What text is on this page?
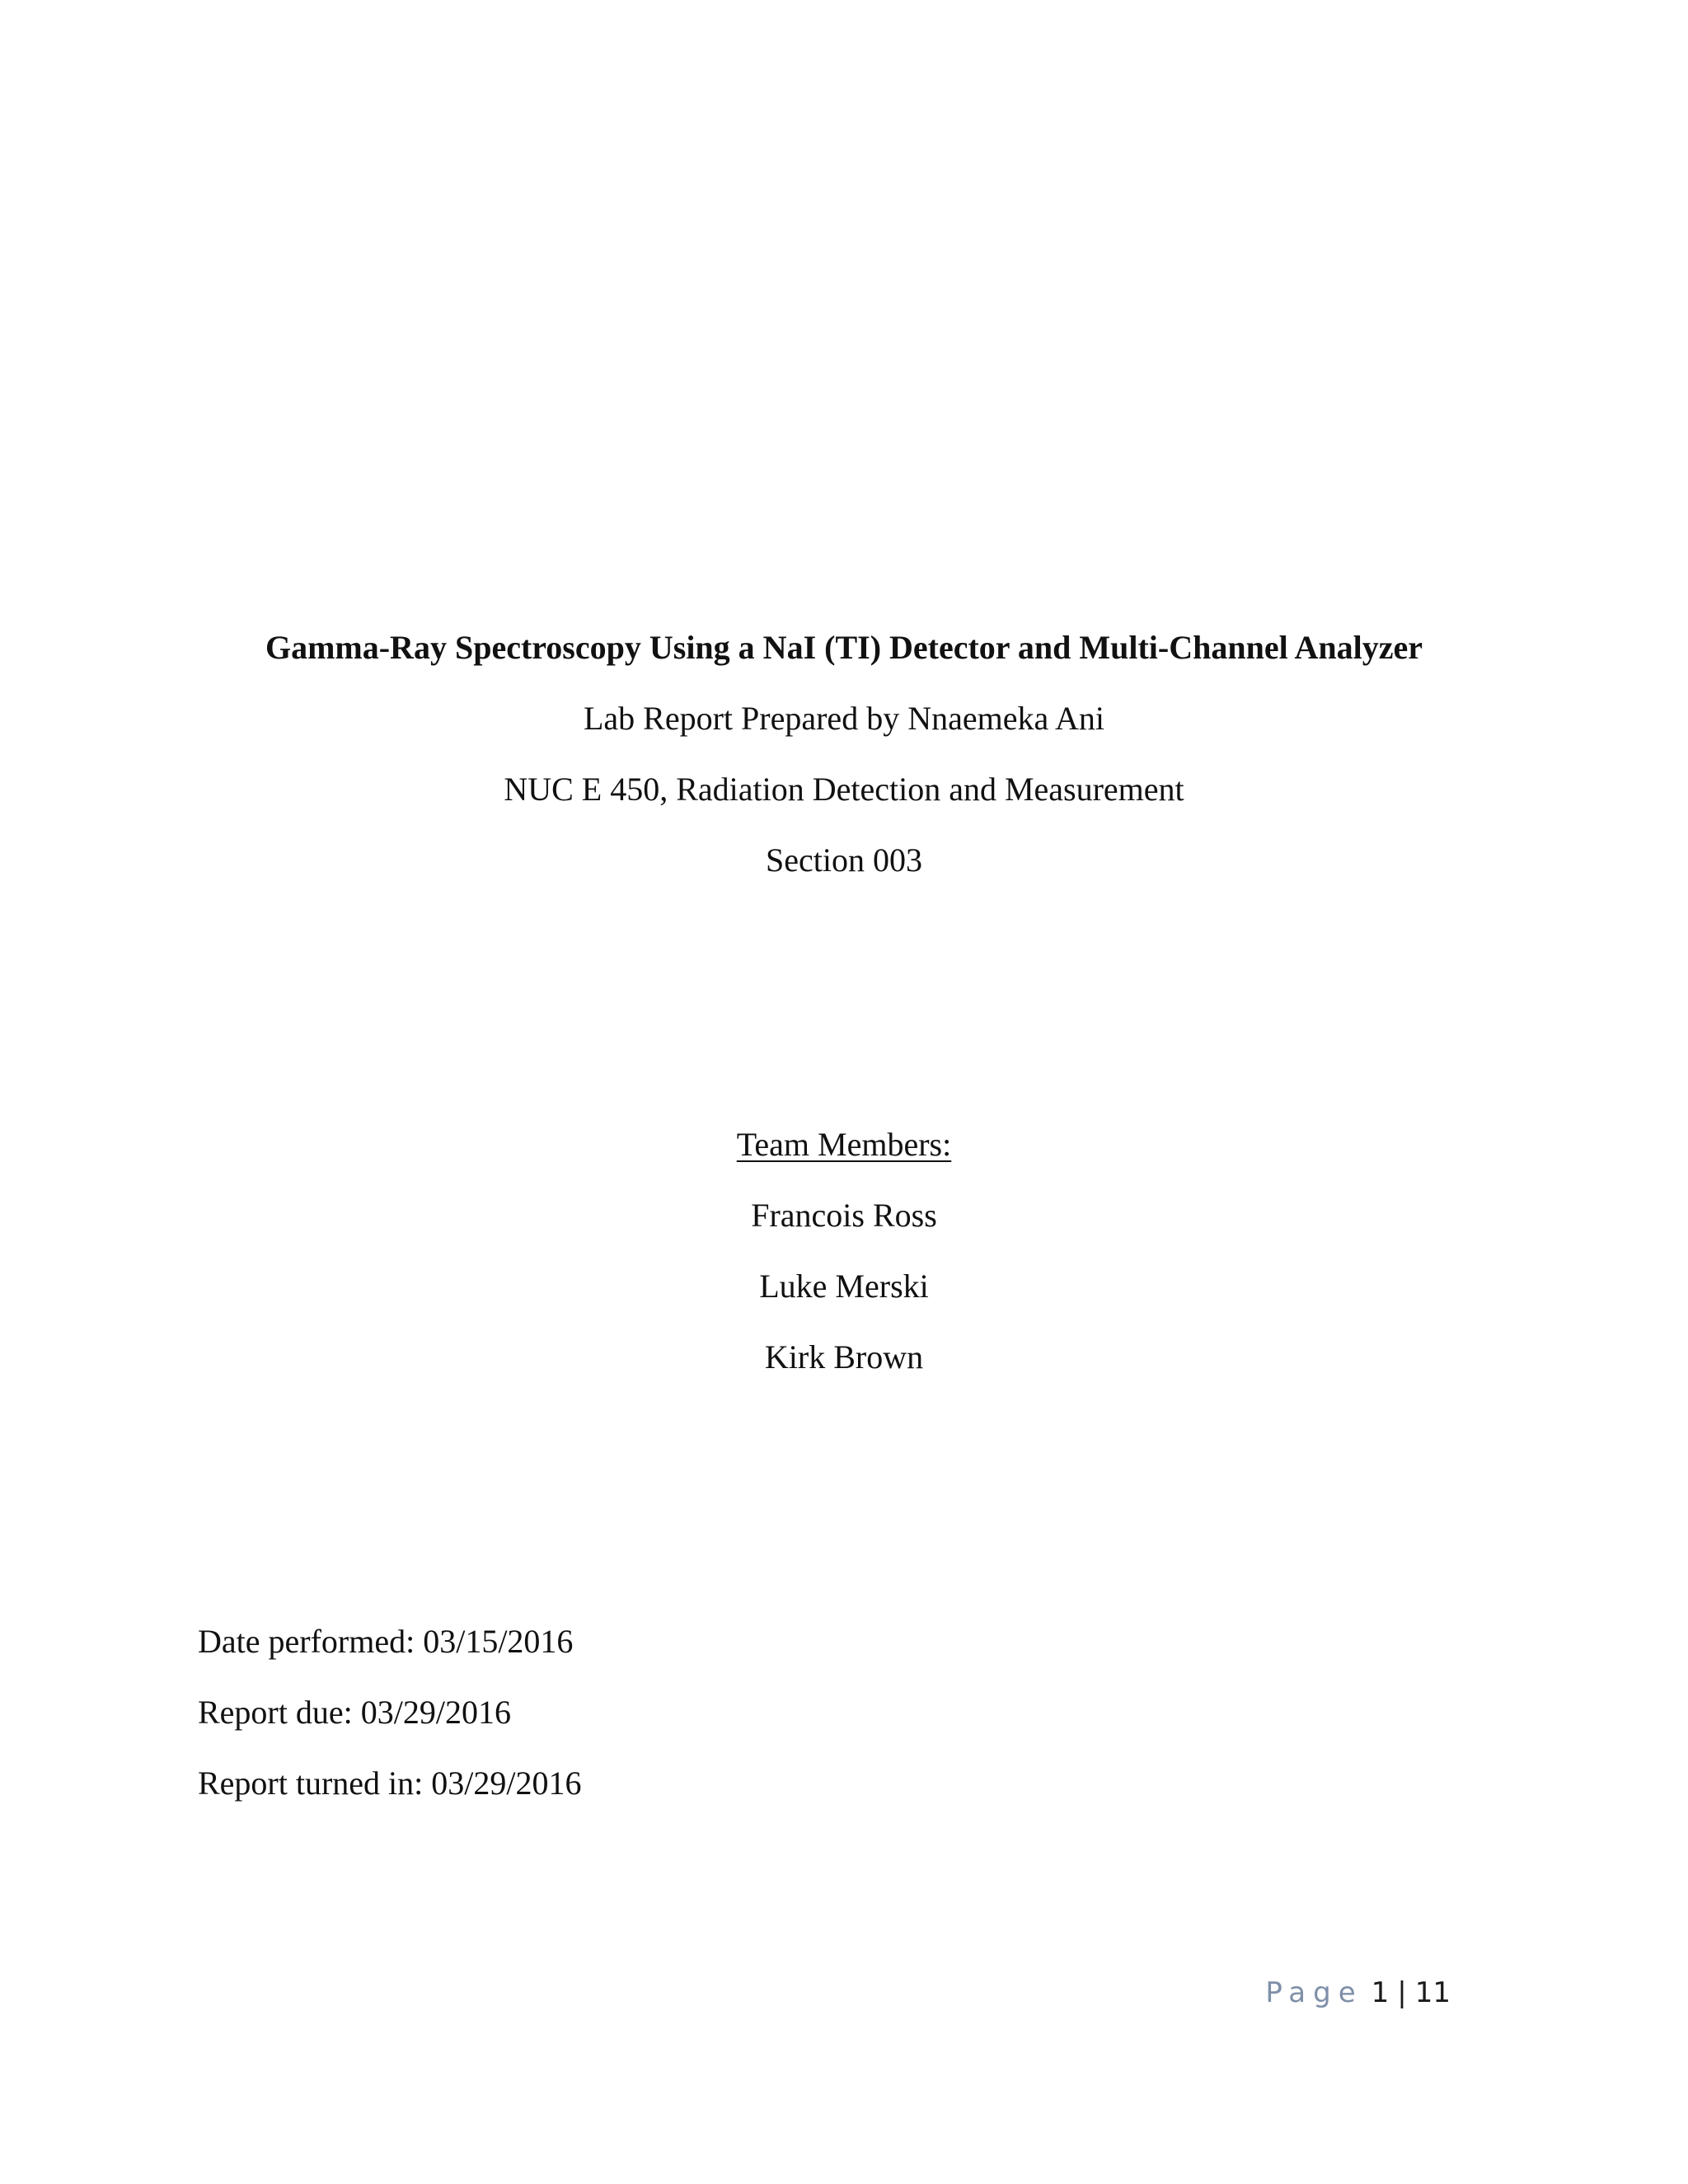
Gamma-Ray Spectroscopy Using a NaI (TI) Detector and Multi-Channel Analyzer
Lab Report Prepared by Nnaemeka Ani
NUC E 450, Radiation Detection and Measurement
Section 003
Team Members:
Francois Ross
Luke Merski
Kirk Brown
Date performed: 03/15/2016
Report due: 03/29/2016
Report turned in: 03/29/2016
Page 1 | 11
